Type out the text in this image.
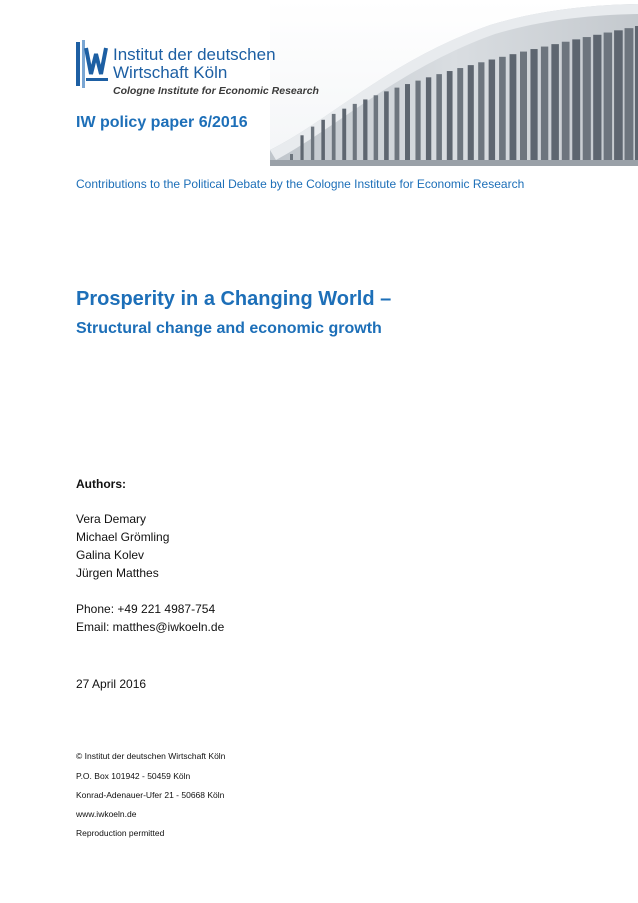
Institut der deutschen
Wirtschaft Köln
Cologne Institute for Economic Research
IW policy paper 6/2016
Contributions to the Political Debate by the Cologne Institute for Economic Research
Prosperity in a Changing World –
Structural change and economic growth
Authors:
Vera Demary
Michael Grömling
Galina Kolev
Jürgen Matthes
Phone: +49 221 4987-754
Email: matthes@iwkoeln.de
27 April 2016
© Institut der deutschen Wirtschaft Köln
P.O. Box 101942 - 50459 Köln
Konrad-Adenauer-Ufer 21 - 50668 Köln
www.iwkoeln.de
Reproduction permitted
